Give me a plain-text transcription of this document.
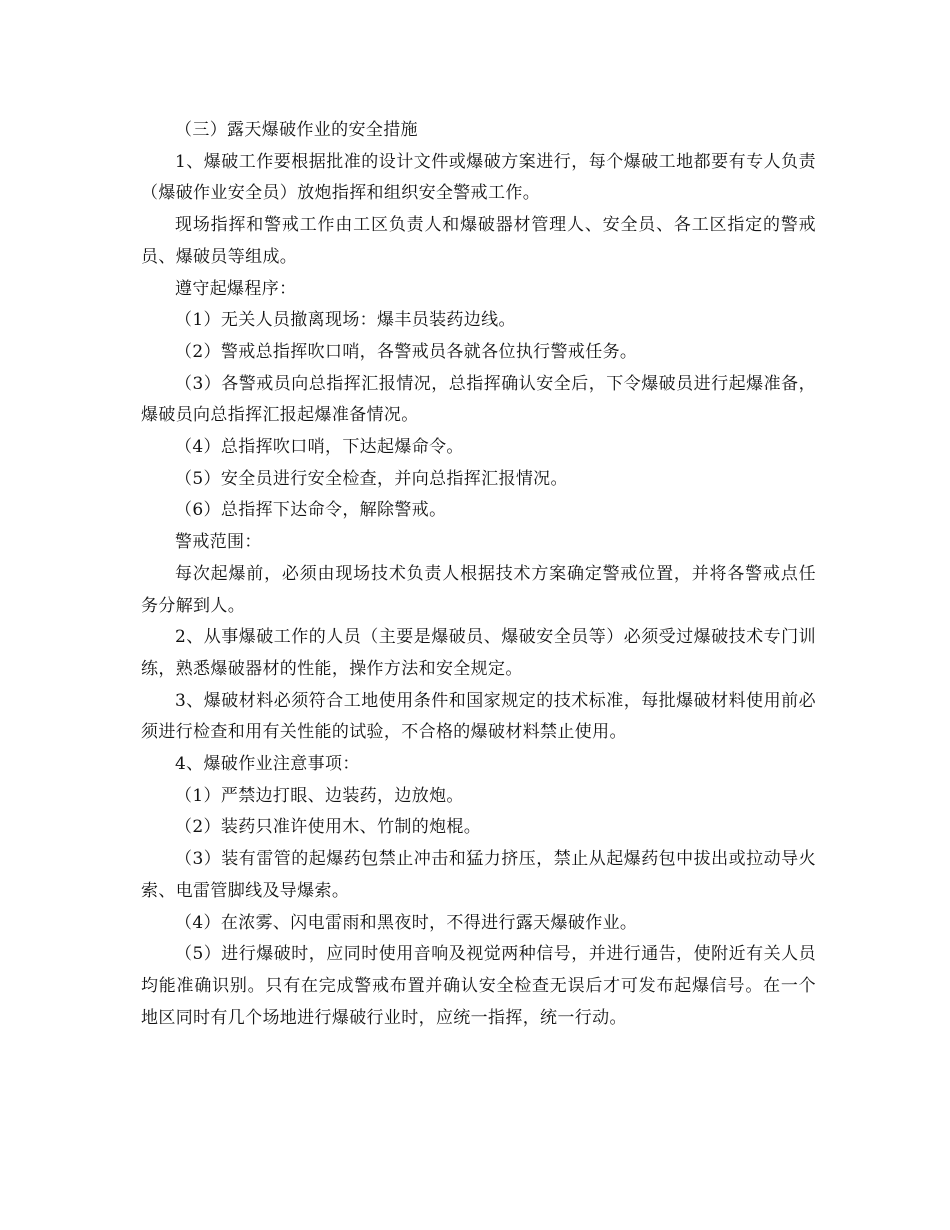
（三）露天爆破作业的安全措施

1、爆破工作要根据批准的设计文件或爆破方案进行，每个爆破工地都要有专人负责（爆破作业安全员）放炮指挥和组织安全警戒工作。

现场指挥和警戒工作由工区负责人和爆破器材管理人、安全员、各工区指定的警戒员、爆破员等组成。

遵守起爆程序：

（1）无关人员撤离现场：爆丰员装药边线。

（2）警戒总指挥吹口哨，各警戒员各就各位执行警戒任务。

（3）各警戒员向总指挥汇报情况，总指挥确认安全后，下令爆破员进行起爆准备，爆破员向总指挥汇报起爆准备情况。

（4）总指挥吹口哨，下达起爆命令。

（5）安全员进行安全检查，并向总指挥汇报情况。

（6）总指挥下达命令，解除警戒。

警戒范围：

每次起爆前，必须由现场技术负责人根据技术方案确定警戒位置，并将各警戒点任务分解到人。

2、从事爆破工作的人员（主要是爆破员、爆破安全员等）必须受过爆破技术专门训练，熟悉爆破器材的性能，操作方法和安全规定。

3、爆破材料必须符合工地使用条件和国家规定的技术标准，每批爆破材料使用前必须进行检查和用有关性能的试验，不合格的爆破材料禁止使用。

4、爆破作业注意事项：

（1）严禁边打眼、边装药，边放炮。

（2）装药只准许使用木、竹制的炮棍。

（3）装有雷管的起爆药包禁止冲击和猛力挤压，禁止从起爆药包中拔出或拉动导火索、电雷管脚线及导爆索。

（4）在浓雾、闪电雷雨和黑夜时，不得进行露天爆破作业。

（5）进行爆破时，应同时使用音响及视觉两种信号，并进行通告，使附近有关人员均能准确识别。只有在完成警戒布置并确认安全检查无误后才可发布起爆信号。在一个地区同时有几个场地进行爆破行业时，应统一指挥，统一行动。
